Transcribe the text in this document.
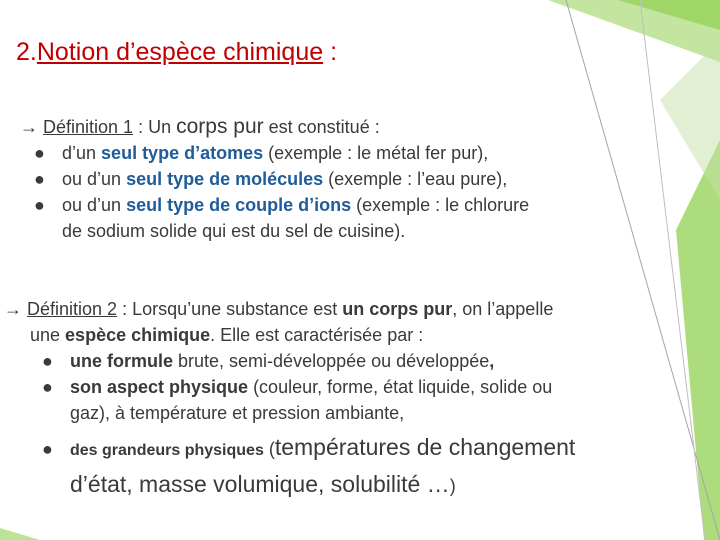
2.Notion d’espèce chimique :
→ Définition 1 : Un corps pur est constitué :
● d’un seul type d’atomes (exemple : le métal fer pur),
● ou d’un seul type de molécules (exemple : l’eau pure),
● ou d’un seul type de couple d’ions (exemple : le chlorure
de sodium solide qui est du sel de cuisine).
→ Définition 2 : Lorsqu’une substance est un corps pur, on l’appelle
une espèce chimique. Elle est caractérisée par :
● une formule brute, semi-développée ou développée,
● son aspect physique (couleur, forme, état liquide, solide ou
gaz), à température et pression ambiante,
● des grandeurs physiques (températures de changement
d’état, masse volumique, solubilité …)
